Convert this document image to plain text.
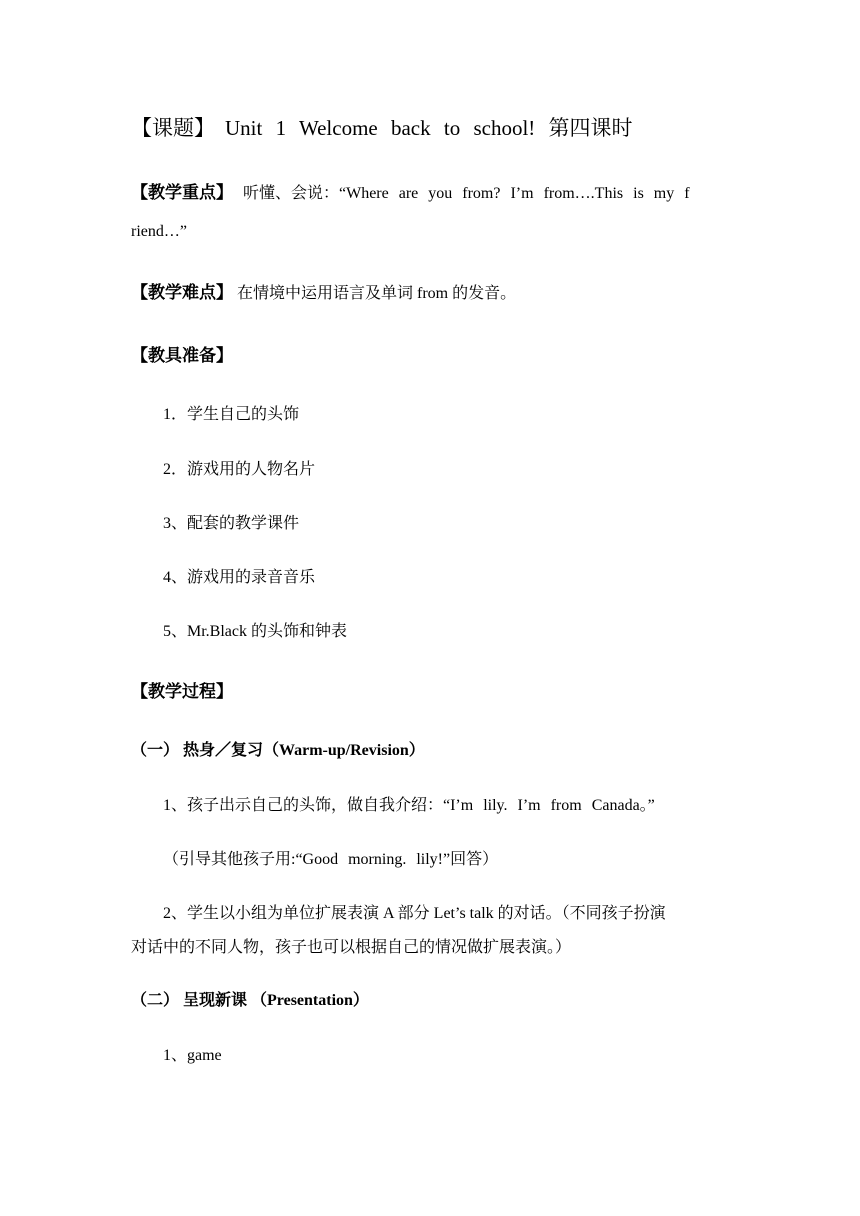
【课题】 Unit 1 Welcome back to school! 第四课时
【教学重点】 听懂、会说：“Where are you from? I’m from….This is my f
riend…”
【教学难点】 在情境中运用语言及单词 from 的发音。
【教具准备】
1．学生自己的头饰
2．游戏用的人物名片
3、配套的教学课件
4、游戏用的录音音乐
5、Mr.Black 的头饰和钟表
【教学过程】
（一） 热身／复习（Warm-up/Revision）
1、孩子出示自己的头饰，做自我介绍：“I’m lily. I’m from Canada。”
（引导其他孩子用:“Good morning. lily!”回答）
2、学生以小组为单位扩展表演 A 部分 Let’s talk 的对话。（不同孩子扮演
对话中的不同人物，孩子也可以根据自己的情况做扩展表演。）
（二） 呈现新课 （Presentation）
1、game
